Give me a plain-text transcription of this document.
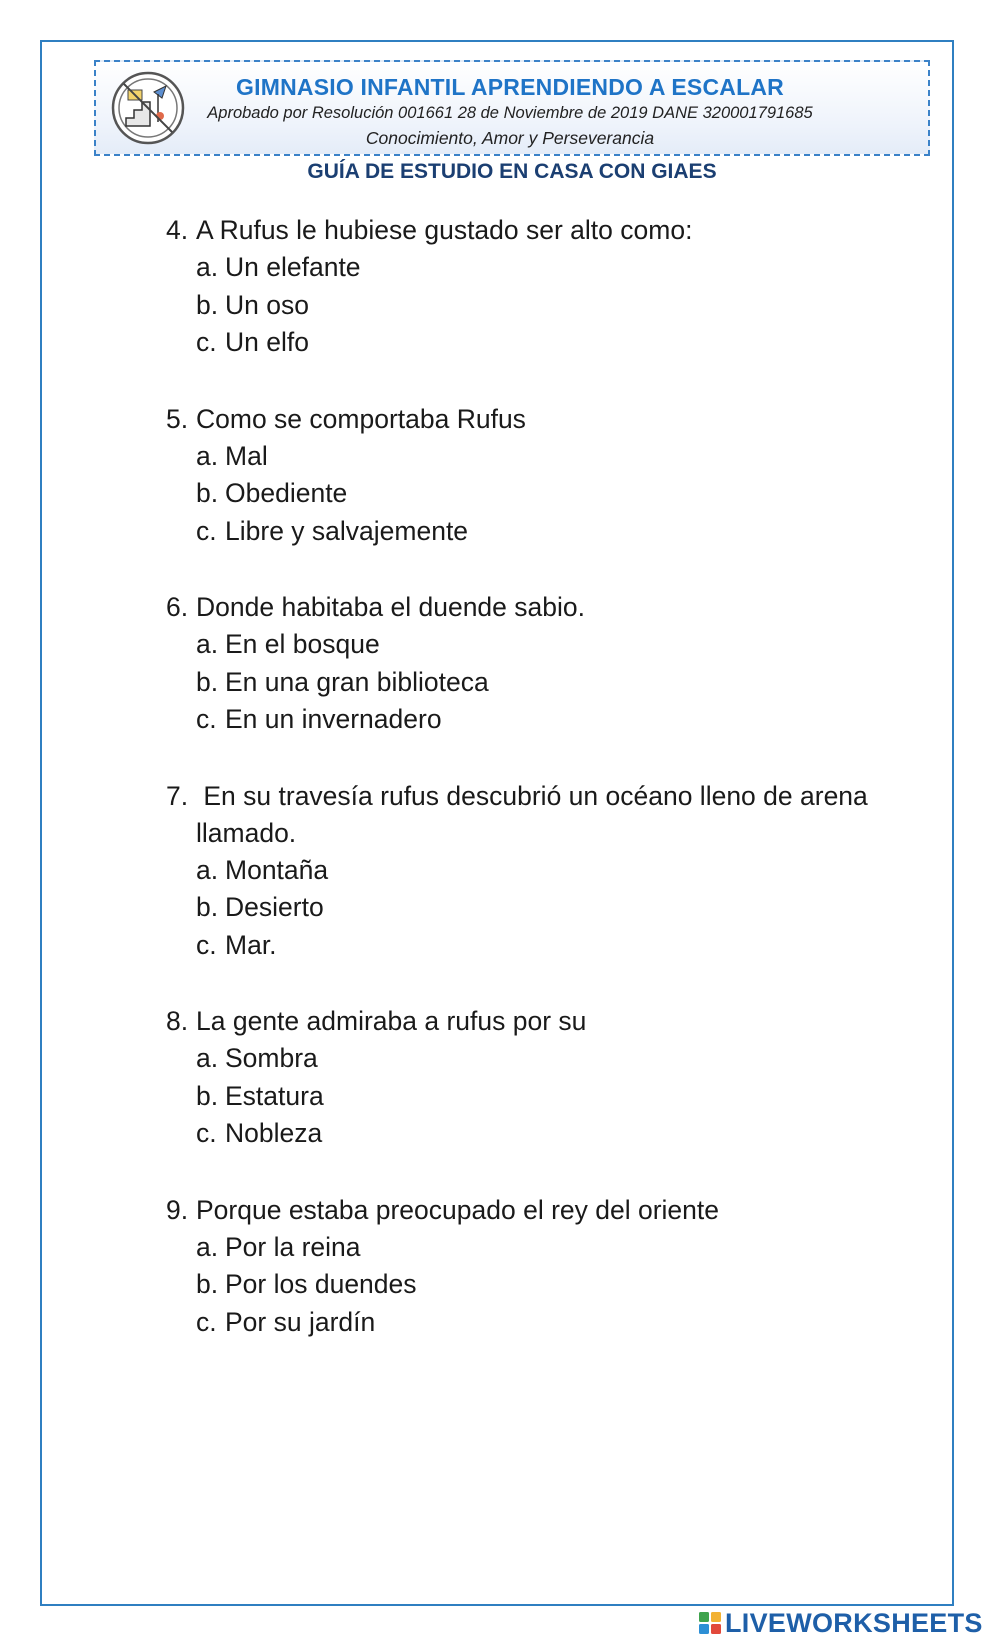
GIMNASIO INFANTIL APRENDIENDO A ESCALAR
Aprobado por Resolución 001661 28 de Noviembre de 2019 DANE 320001791685
Conocimiento, Amor y Perseverancia
GUÍA DE ESTUDIO EN CASA CON GIAES
4. A Rufus le hubiese gustado ser alto como:
a. Un elefante
b. Un oso
c. Un elfo
5. Como se comportaba Rufus
a. Mal
b. Obediente
c. Libre y salvajemente
6. Donde habitaba el duende sabio.
a. En el bosque
b. En una gran biblioteca
c. En un invernadero
7. En su travesía rufus descubrió un océano lleno de arena llamado.
a. Montaña
b. Desierto
c. Mar.
8. La gente admiraba a rufus por su
a. Sombra
b. Estatura
c. Nobleza
9. Porque estaba preocupado el rey del oriente
a. Por la reina
b. Por los duendes
c. Por su jardín
LIVEWORKSHEETS
